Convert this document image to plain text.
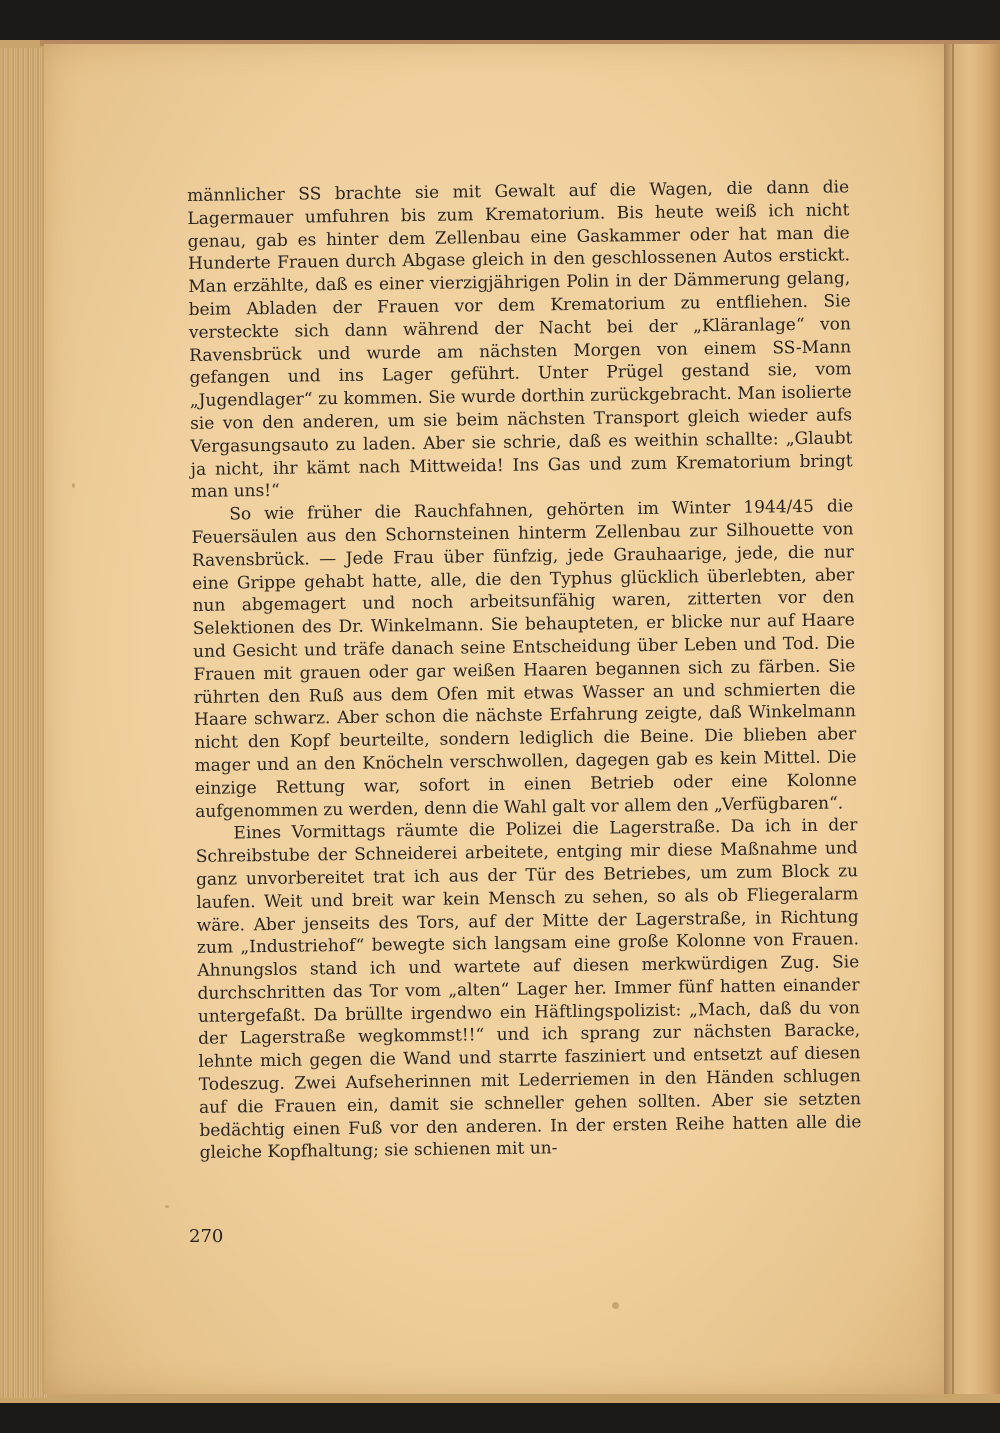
männlicher SS brachte sie mit Gewalt auf die Wagen, die dann die Lagermauer umfuhren bis zum Krematorium. Bis heute weiß ich nicht genau, gab es hinter dem Zellenbau eine Gaskammer oder hat man die Hunderte Frauen durch Abgase gleich in den geschlossenen Autos erstickt. Man erzählte, daß es einer vierzigjährigen Polin in der Dämmerung gelang, beim Abladen der Frauen vor dem Krematorium zu entfliehen. Sie versteckte sich dann während der Nacht bei der „Kläranlage“ von Ravensbrück und wurde am nächsten Morgen von einem SS-Mann gefangen und ins Lager geführt. Unter Prügel gestand sie, vom „Jugendlager“ zu kommen. Sie wurde dorthin zurückgebracht. Man isolierte sie von den anderen, um sie beim nächsten Transport gleich wieder aufs Vergasungsauto zu laden. Aber sie schrie, daß es weithin schallte: „Glaubt ja nicht, ihr kämt nach Mittweida! Ins Gas und zum Krematorium bringt man uns!“

So wie früher die Rauchfahnen, gehörten im Winter 1944/45 die Feuersäulen aus den Schornsteinen hinterm Zellenbau zur Silhouette von Ravensbrück. — Jede Frau über fünfzig, jede Grauhaarige, jede, die nur eine Grippe gehabt hatte, alle, die den Typhus glücklich überlebten, aber nun abgemagert und noch arbeitsunfähig waren, zitterten vor den Selektionen des Dr. Winkelmann. Sie behaupteten, er blicke nur auf Haare und Gesicht und träfe danach seine Entscheidung über Leben und Tod. Die Frauen mit grauen oder gar weißen Haaren begannen sich zu färben. Sie rührten den Ruß aus dem Ofen mit etwas Wasser an und schmierten die Haare schwarz. Aber schon die nächste Erfahrung zeigte, daß Winkelmann nicht den Kopf beurteilte, sondern lediglich die Beine. Die blieben aber mager und an den Knöcheln verschwollen, dagegen gab es kein Mittel. Die einzige Rettung war, sofort in einen Betrieb oder eine Kolonne aufgenommen zu werden, denn die Wahl galt vor allem den „Verfügbaren“.

Eines Vormittags räumte die Polizei die Lagerstraße. Da ich in der Schreibstube der Schneiderei arbeitete, entging mir diese Maßnahme und ganz unvorbereitet trat ich aus der Tür des Betriebes, um zum Block zu laufen. Weit und breit war kein Mensch zu sehen, so als ob Fliegeralarm wäre. Aber jenseits des Tors, auf der Mitte der Lagerstraße, in Richtung zum „Industriehof“ bewegte sich langsam eine große Kolonne von Frauen. Ahnungslos stand ich und wartete auf diesen merkwürdigen Zug. Sie durchschritten das Tor vom „alten“ Lager her. Immer fünf hatten einander untergefaßt. Da brüllte irgendwo ein Häftlingspolizist: „Mach, daß du von der Lagerstraße wegkommst!!“ und ich sprang zur nächsten Baracke, lehnte mich gegen die Wand und starrte fasziniert und entsetzt auf diesen Todeszug. Zwei Aufseherinnen mit Lederriemen in den Händen schlugen auf die Frauen ein, damit sie schneller gehen sollten. Aber sie setzten bedächtig einen Fuß vor den anderen. In der ersten Reihe hatten alle die gleiche Kopfhaltung; sie schienen mit un-

270
